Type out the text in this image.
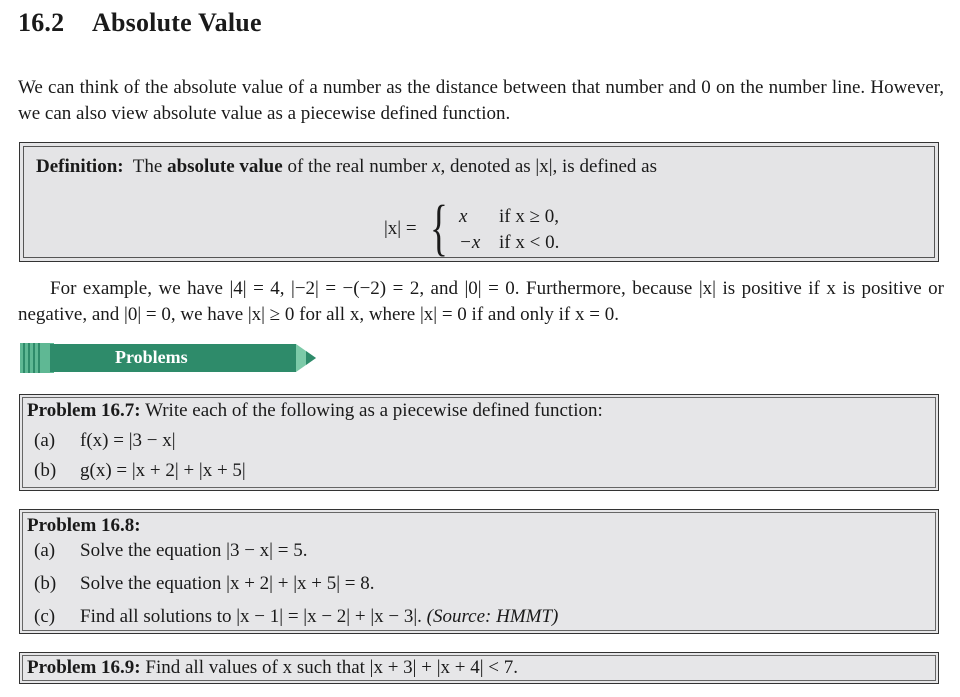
16.2 Absolute Value
We can think of the absolute value of a number as the distance between that number and 0 on the number line. However, we can also view absolute value as a piecewise defined function.
Definition: The absolute value of the real number x, denoted as |x|, is defined as
|x| = { x if x ≥ 0,
−x if x < 0.
For example, we have |4| = 4, |−2| = −(−2) = 2, and |0| = 0. Furthermore, because |x| is positive if x is positive or negative, and |0| = 0, we have |x| ≥ 0 for all x, where |x| = 0 if and only if x = 0.
Problems
Problem 16.7: Write each of the following as a piecewise defined function:
(a) f(x) = |3 − x|
(b) g(x) = |x + 2| + |x + 5|
Problem 16.8:
(a) Solve the equation |3 − x| = 5.
(b) Solve the equation |x + 2| + |x + 5| = 8.
(c) Find all solutions to |x − 1| = |x − 2| + |x − 3|. (Source: HMMT)
Problem 16.9: Find all values of x such that |x + 3| + |x + 4| < 7.
